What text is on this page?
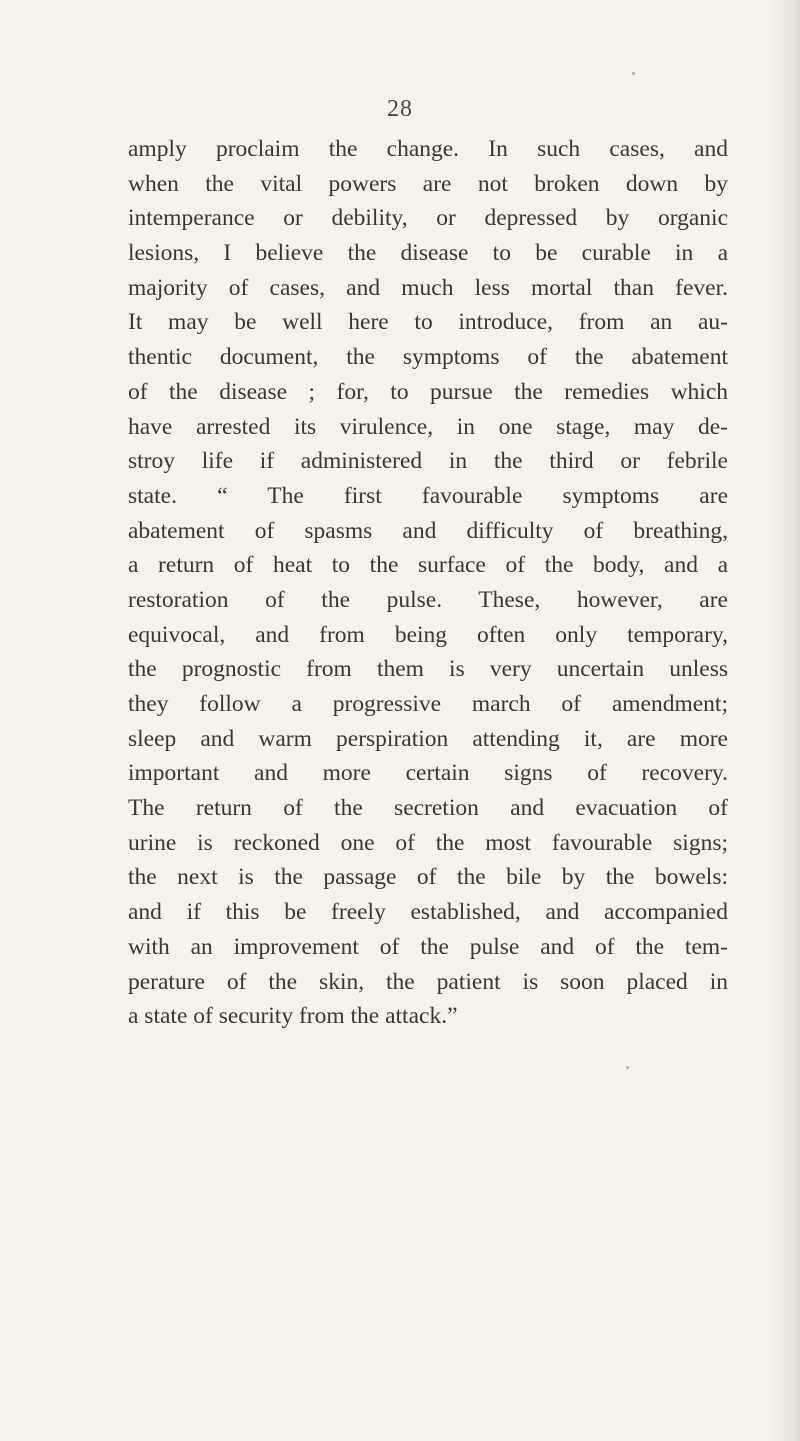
28
amply proclaim the change. In such cases, and
when the vital powers are not broken down by
intemperance or debility, or depressed by organic
lesions, I believe the disease to be curable in a
majority of cases, and much less mortal than fever.
It may be well here to introduce, from an au-
thentic document, the symptoms of the abatement
of the disease ; for, to pursue the remedies which
have arrested its virulence, in one stage, may de-
stroy life if administered in the third or febrile
state. “ The first favourable symptoms are
abatement of spasms and difficulty of breathing,
a return of heat to the surface of the body, and a
restoration of the pulse. These, however, are
equivocal, and from being often only temporary,
the prognostic from them is very uncertain unless
they follow a progressive march of amendment;
sleep and warm perspiration attending it, are more
important and more certain signs of recovery.
The return of the secretion and evacuation of
urine is reckoned one of the most favourable signs;
the next is the passage of the bile by the bowels:
and if this be freely established, and accompanied
with an improvement of the pulse and of the tem-
perature of the skin, the patient is soon placed in
a state of security from the attack.”
